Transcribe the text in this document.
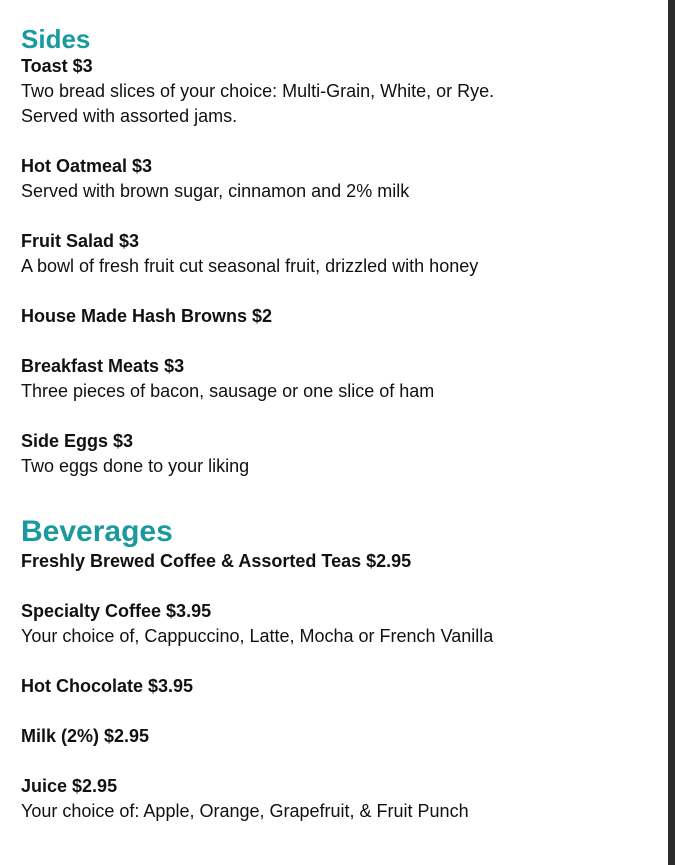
Sides
Toast $3
Two bread slices of your choice: Multi-Grain, White, or Rye.
Served with assorted jams.
Hot Oatmeal $3
Served with brown sugar, cinnamon and 2% milk
Fruit Salad $3
A bowl of fresh fruit cut seasonal fruit, drizzled with honey
House Made Hash Browns $2
Breakfast Meats $3
Three pieces of bacon, sausage or one slice of ham
Side Eggs $3
Two eggs done to your liking
Beverages
Freshly Brewed Coffee & Assorted Teas $2.95
Specialty Coffee $3.95
Your choice of, Cappuccino, Latte, Mocha or French Vanilla
Hot Chocolate $3.95
Milk (2%) $2.95
Juice $2.95
Your choice of: Apple, Orange, Grapefruit, & Fruit Punch
